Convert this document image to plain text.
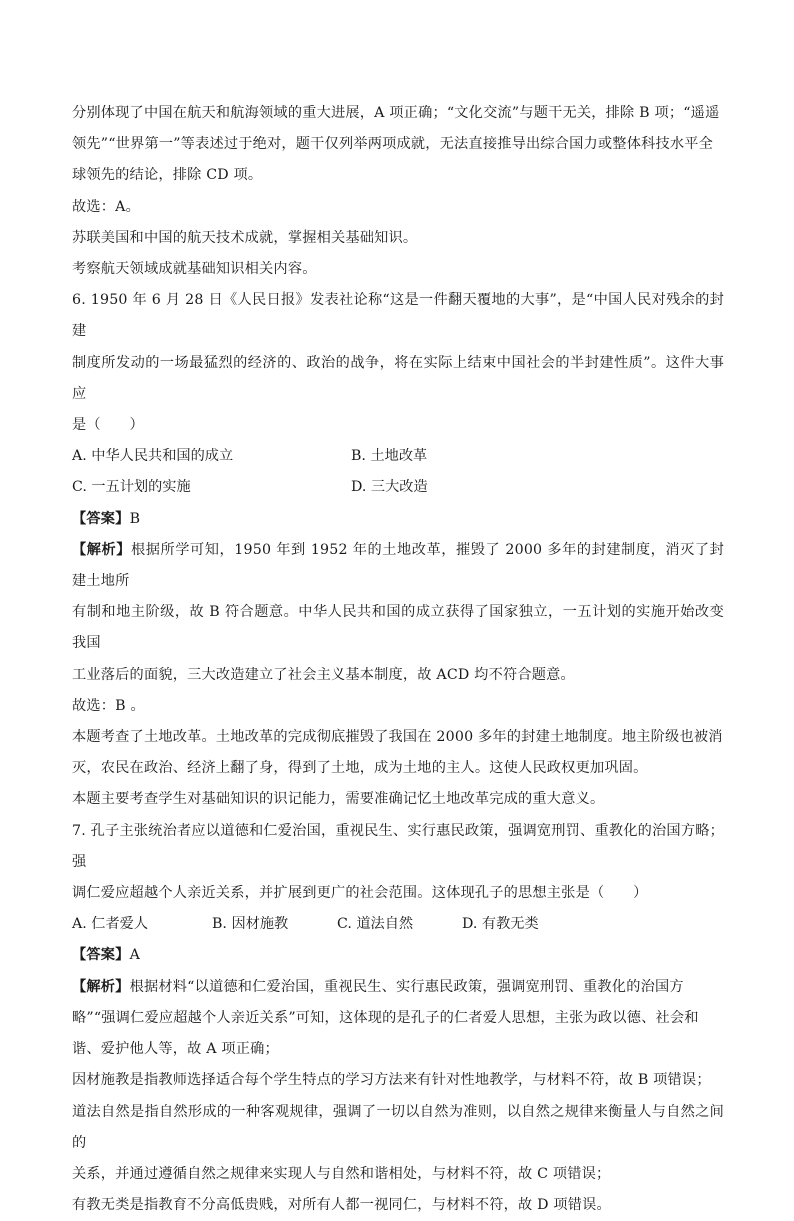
分别体现了中国在航天和航海领域的重大进展，A 项正确；“文化交流”与题干无关，排除 B 项；“遥遥

领先”“世界第一”等表述过于绝对，题干仅列举两项成就，无法直接推导出综合国力或整体科技水平全

球领先的结论，排除 CD 项。

故选：A。

苏联美国和中国的航天技术成就，掌握相关基础知识。

考察航天领域成就基础知识相关内容。

6. 1950 年 6 月 28 日《人民日报》发表社论称“这是一件翻天覆地的大事”，是“中国人民对残余的封建

制度所发动的一场最猛烈的经济的、政治的战争，将在实际上结束中国社会的半封建性质”。这件大事应

是（　　）

A. 中华人民共和国的成立	B. 土地改革
C. 一五计划的实施	D. 三大改造

【答案】B

【解析】根据所学可知，1950 年到 1952 年的土地改革，摧毁了 2000 多年的封建制度，消灭了封建土地所

有制和地主阶级，故 B 符合题意。中华人民共和国的成立获得了国家独立，一五计划的实施开始改变我国

工业落后的面貌，三大改造建立了社会主义基本制度，故 ACD 均不符合题意。

故选：B 。

本题考查了土地改革。土地改革的完成彻底摧毁了我国在 2000 多年的封建土地制度。地主阶级也被消

灭，农民在政治、经济上翻了身，得到了土地，成为土地的主人。这使人民政权更加巩固。

本题主要考查学生对基础知识的识记能力，需要准确记忆土地改革完成的重大意义。

7. 孔子主张统治者应以道德和仁爱治国，重视民生、实行惠民政策，强调宽刑罚、重教化的治国方略；强

调仁爱应超越个人亲近关系，并扩展到更广的社会范围。这体现孔子的思想主张是（　　）

A. 仁者爱人	B. 因材施教	C. 道法自然	D. 有教无类

【答案】A

【解析】根据材料“以道德和仁爱治国，重视民生、实行惠民政策，强调宽刑罚、重教化的治国方

略”“强调仁爱应超越个人亲近关系”可知，这体现的是孔子的仁者爱人思想，主张为政以德、社会和

谐、爱护他人等，故 A 项正确；

因材施教是指教师选择适合每个学生特点的学习方法来有针对性地教学，与材料不符，故 B 项错误；

道法自然是指自然形成的一种客观规律，强调了一切以自然为准则，以自然之规律来衡量人与自然之间的

关系，并通过遵循自然之规律来实现人与自然和谐相处，与材料不符，故 C 项错误；

有教无类是指教育不分高低贵贱，对所有人都一视同仁，与材料不符，故 D 项错误。
